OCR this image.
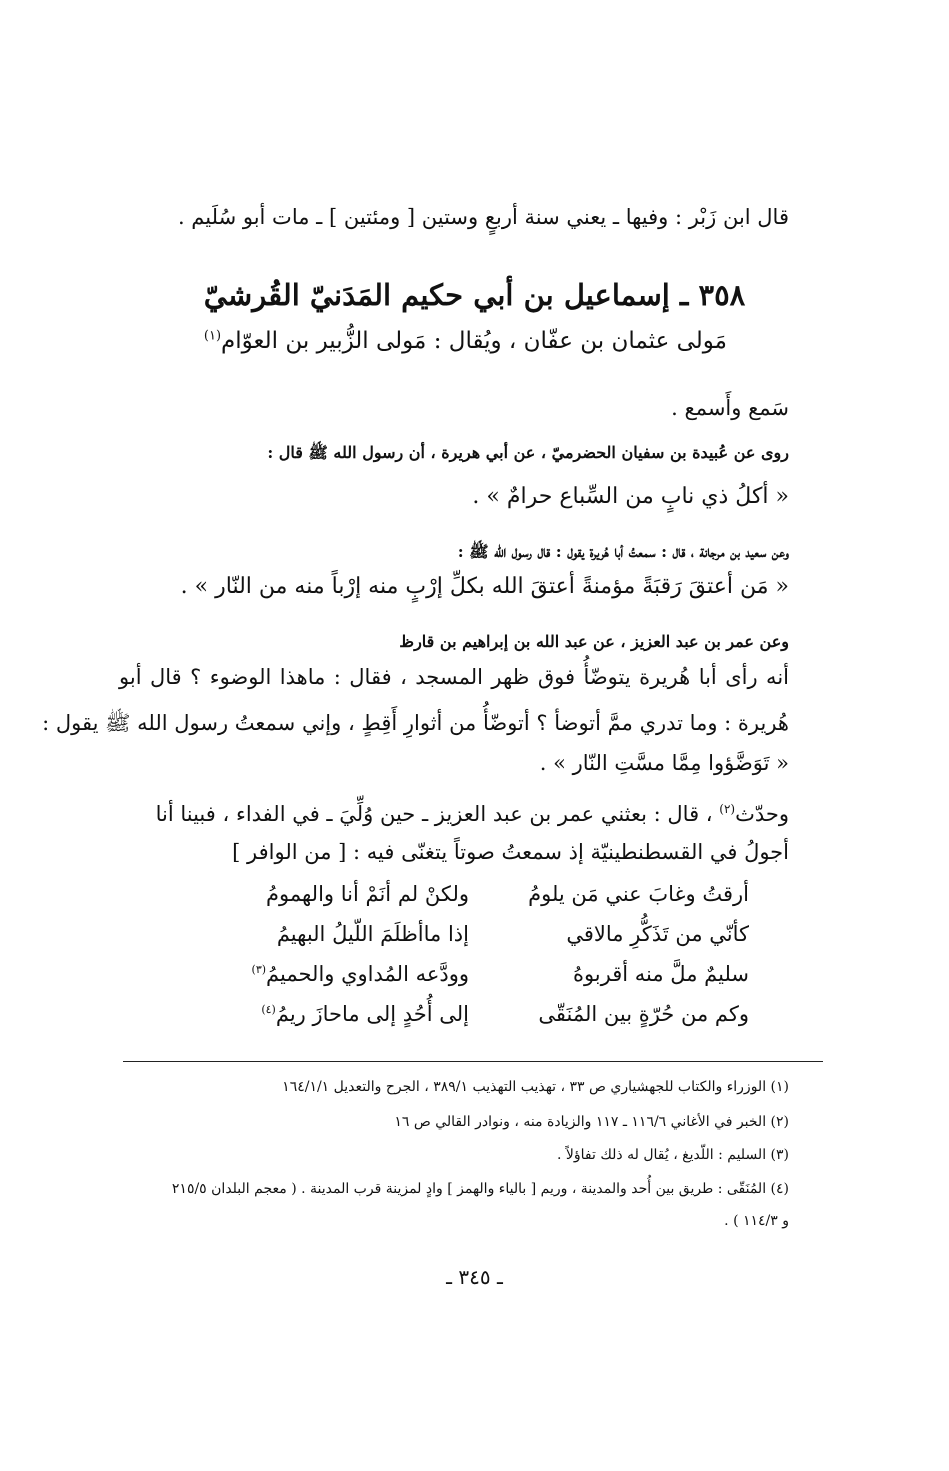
قال ابن زَبْر : وفيها ـ يعني سنة أربعٍ وستين [ ومئتين ] ـ مات أبو سُلَيم .
٣٥٨ ـ إسماعيل بن أبي حكيم المَدَنيّ القُرشيّ
مَولى عثمان بن عفّان ، ويُقال : مَولى الزُّبير بن العوّام$^{(١)}$
سَمع وأَسمع .
روى عن عُبيدة بن سفيان الحضرميّ ، عن أبي هريرة ، أن رسول الله ﷺ قال :
« أكلُ ذي نابٍ من السِّباع حرامٌ » .
وعن سعيد بن مرجانة ، قال : سمعتُ أبا هُريرة يقول : قال رسول الله ﷺ :
« مَن أعتقَ رَقبَةً مؤمنةً أعتقَ الله بكلِّ إرْبٍ منه إرْباً منه من النّار » .
وعن عمر بن عبد العزيز ، عن عبد الله بن إبراهيم بن قارظ
أنه رأى أبا هُريرة يتوضّأُ فوق ظهر المسجد ، فقال : ماهذا الوضوء ؟ قال أبو
هُريرة : وما تدري ممَّ أتوضأ ؟ أتوضّأُ من أثوارِ أَقِطٍ ، وإني سمعتُ رسول الله ﷺ يقول :
« تَوَضَّؤوا مِمَّا مسَّتِ النّار » .
وحدّث$^{(٢)}$ ، قال : بعثني عمر بن عبد العزيز ـ حين وُلِّيَ ـ في الفداء ، فبينا أنا
أجولُ في القسطنطينيّة إذ سمعتُ صوتاً يتغنّى فيه : [ من الوافر ]
أرقتُ وغابَ عني مَن يلومُ
ولكنْ لم أنَمْ أنا والهمومُ
كأنّي من تَذَكُّرِ مالاقي
إذا ماأظلَمَ اللّيلُ البهيمُ
سليمٌ ملَّ منه أقربوهُ
وودَّعه المُداوي والحميمُ$^{(٣)}$
وكم من حُرّةٍ بين المُنَقّى
إلى أُحُدٍ إلى ماحازَ ريمُ$^{(٤)}$
(١) الوزراء والكتاب للجهشياري ص ٣٣ ، تهذيب التهذيب ٣٨٩/١ ، الجرح والتعديل ١٦٤/١/١
(٢) الخبر في الأغاني ١١٦/٦ ـ ١١٧ والزيادة منه ، ونوادر القالي ص ١٦
(٣) السليم : اللّديغ ، يُقال له ذلك تفاؤلاً .
(٤) المُنَقّى : طريق بين أُحد والمدينة ، وريم [ بالياء والهمز ] وادٍ لمزينة قرب المدينة . ( معجم البلدان ٢١٥/٥
و ١١٤/٣ ) .
ـ ٣٤٥ ـ
